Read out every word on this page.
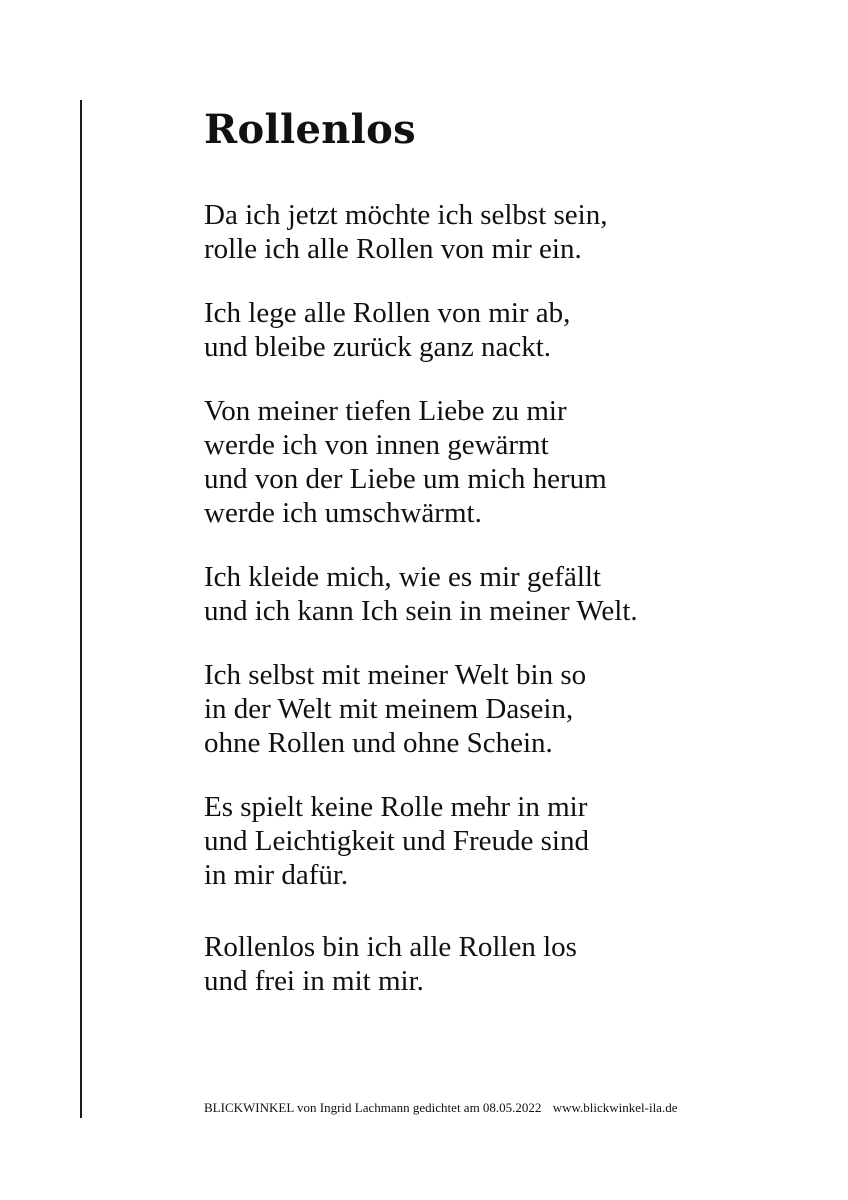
Rollenlos

Da ich jetzt möchte ich selbst sein,
rolle ich alle Rollen von mir ein.

Ich lege alle Rollen von mir ab,
und bleibe zurück ganz nackt.

Von meiner tiefen Liebe zu mir
werde ich von innen gewärmt
und von der Liebe um mich herum
werde ich umschwärmt.

Ich kleide mich, wie es mir gefällt
und ich kann Ich sein in meiner Welt.

Ich selbst mit meiner Welt bin so
in der Welt mit meinem Dasein,
ohne Rollen und ohne Schein.

Es spielt keine Rolle mehr in mir
und Leichtigkeit und Freude sind
in mir dafür.

Rollenlos bin ich alle Rollen los
und frei in mit mir.

BLICKWINKEL von Ingrid Lachmann gedichtet am 08.05.2022 www.blickwinkel-ila.de
